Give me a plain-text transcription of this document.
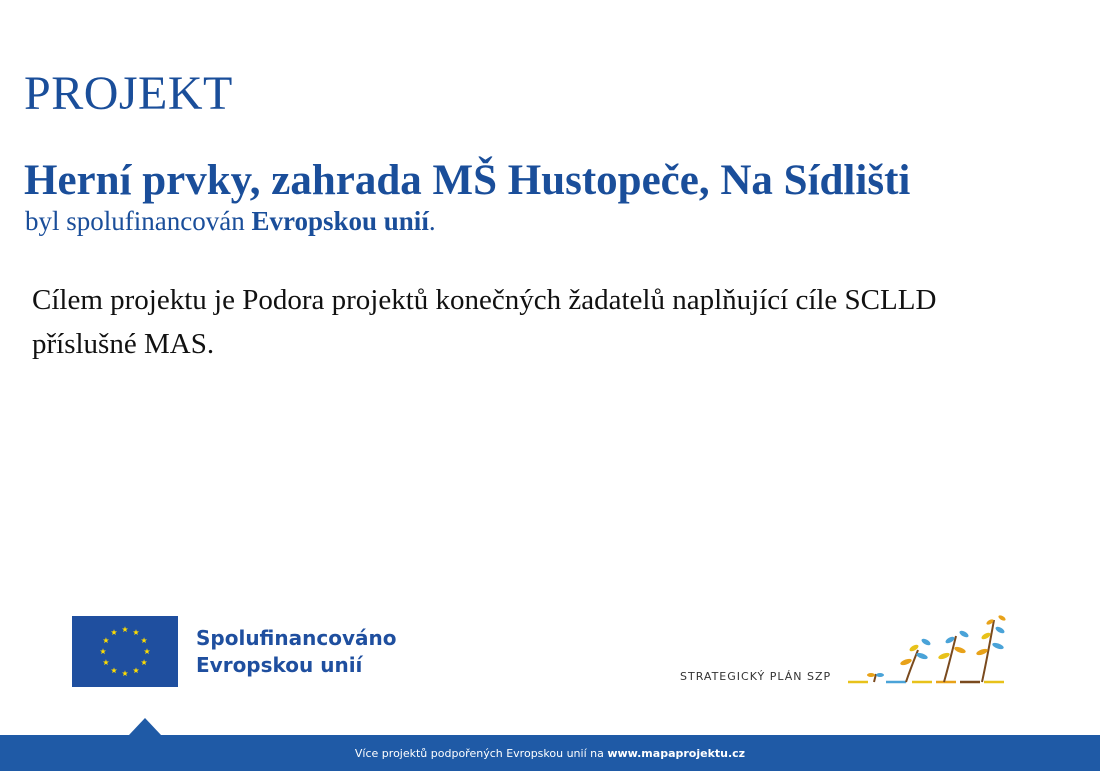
PROJEKT
Herní prvky, zahrada MŠ Hustopeče, Na Sídlišti
byl spolufinancován Evropskou unií.
Cílem projektu je Podora projektů konečných žadatelů naplňující cíle SCLLD příslušné MAS.
Spolufinancováno
Evropskou unií	STRATEGICKÝ PLÁN SZP
Více projektů podpořených Evropskou unií na www.mapaprojektu.cz
